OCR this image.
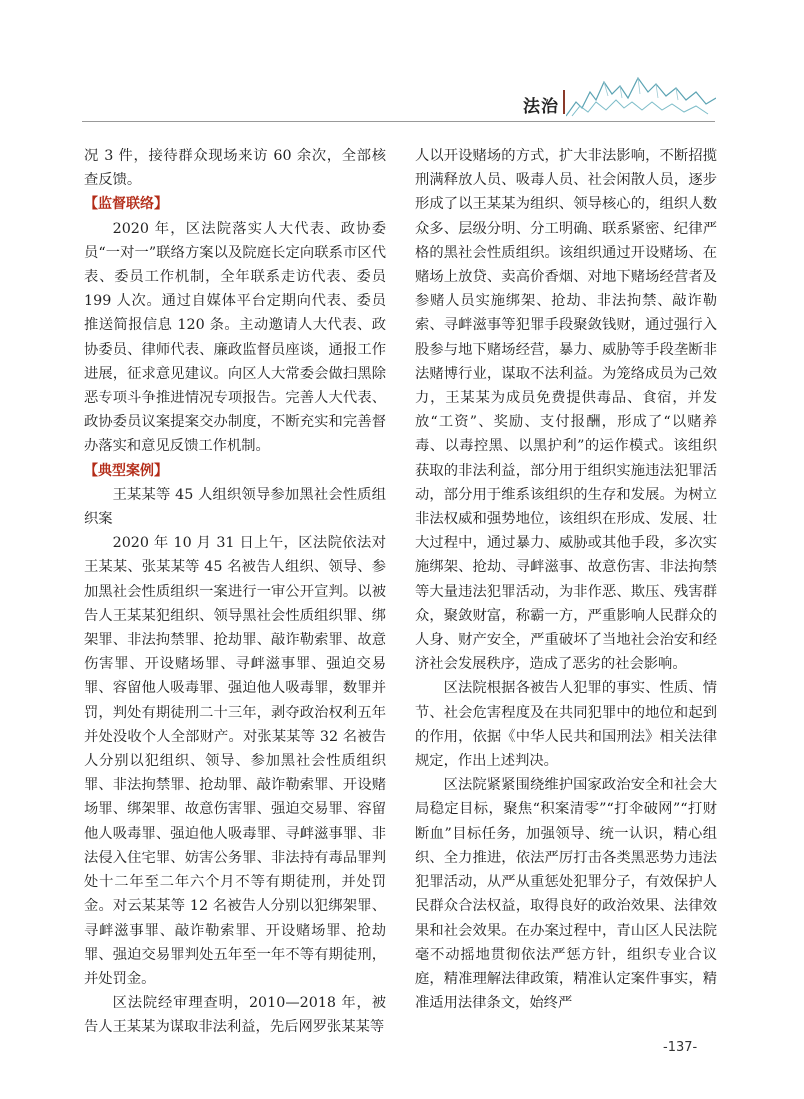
法治

况 3 件，接待群众现场来访 60 余次，全部核查反馈。

【监督联络】

2020 年，区法院落实人大代表、政协委员“一对一”联络方案以及院庭长定向联系市区代表、委员工作机制，全年联系走访代表、委员 199 人次。通过自媒体平台定期向代表、委员推送简报信息 120 条。主动邀请人大代表、政协委员、律师代表、廉政监督员座谈，通报工作进展，征求意见建议。向区人大常委会做扫黑除恶专项斗争推进情况专项报告。完善人大代表、政协委员议案提案交办制度，不断充实和完善督办落实和意见反馈工作机制。

【典型案例】

王某某等 45 人组织领导参加黑社会性质组织案

2020 年 10 月 31 日上午，区法院依法对王某某、张某某等 45 名被告人组织、领导、参加黑社会性质组织一案进行一审公开宣判。以被告人王某某犯组织、领导黑社会性质组织罪、绑架罪、非法拘禁罪、抢劫罪、敲诈勒索罪、故意伤害罪、开设赌场罪、寻衅滋事罪、强迫交易罪、容留他人吸毒罪、强迫他人吸毒罪，数罪并罚，判处有期徒刑二十三年，剥夺政治权利五年并处没收个人全部财产。对张某某等 32 名被告人分别以犯组织、领导、参加黑社会性质组织罪、非法拘禁罪、抢劫罪、敲诈勒索罪、开设赌场罪、绑架罪、故意伤害罪、强迫交易罪、容留他人吸毒罪、强迫他人吸毒罪、寻衅滋事罪、非法侵入住宅罪、妨害公务罪、非法持有毒品罪判处十二年至二年六个月不等有期徒刑，并处罚金。对云某某等 12 名被告人分别以犯绑架罪、寻衅滋事罪、敲诈勒索罪、开设赌场罪、抢劫罪、强迫交易罪判处五年至一年不等有期徒刑，并处罚金。

区法院经审理查明，2010—2018 年，被告人王某某为谋取非法利益，先后网罗张某某等

人以开设赌场的方式，扩大非法影响，不断招揽刑满释放人员、吸毒人员、社会闲散人员，逐步形成了以王某某为组织、领导核心的，组织人数众多、层级分明、分工明确、联系紧密、纪律严格的黑社会性质组织。该组织通过开设赌场、在赌场上放贷、卖高价香烟、对地下赌场经营者及参赌人员实施绑架、抢劫、非法拘禁、敲诈勒索、寻衅滋事等犯罪手段聚敛钱财，通过强行入股参与地下赌场经营，暴力、威胁等手段垄断非法赌博行业，谋取不法利益。为笼络成员为己效力，王某某为成员免费提供毒品、食宿，并发放“工资”、奖励、支付报酬，形成了“以赌养毒、以毒控黑、以黑护利”的运作模式。该组织获取的非法利益，部分用于组织实施违法犯罪活动，部分用于维系该组织的生存和发展。为树立非法权威和强势地位，该组织在形成、发展、壮大过程中，通过暴力、威胁或其他手段，多次实施绑架、抢劫、寻衅滋事、故意伤害、非法拘禁等大量违法犯罪活动，为非作恶、欺压、残害群众，聚敛财富，称霸一方，严重影响人民群众的人身、财产安全，严重破坏了当地社会治安和经济社会发展秩序，造成了恶劣的社会影响。

区法院根据各被告人犯罪的事实、性质、情节、社会危害程度及在共同犯罪中的地位和起到的作用，依据《中华人民共和国刑法》相关法律规定，作出上述判决。

区法院紧紧围绕维护国家政治安全和社会大局稳定目标，聚焦“积案清零”“打伞破网”“打财断血”目标任务，加强领导、统一认识，精心组织、全力推进，依法严厉打击各类黑恶势力违法犯罪活动，从严从重惩处犯罪分子，有效保护人民群众合法权益，取得良好的政治效果、法律效果和社会效果。在办案过程中，青山区人民法院毫不动摇地贯彻依法严惩方针，组织专业合议庭，精准理解法律政策，精准认定案件事实，精准适用法律条文，始终严

-137-
